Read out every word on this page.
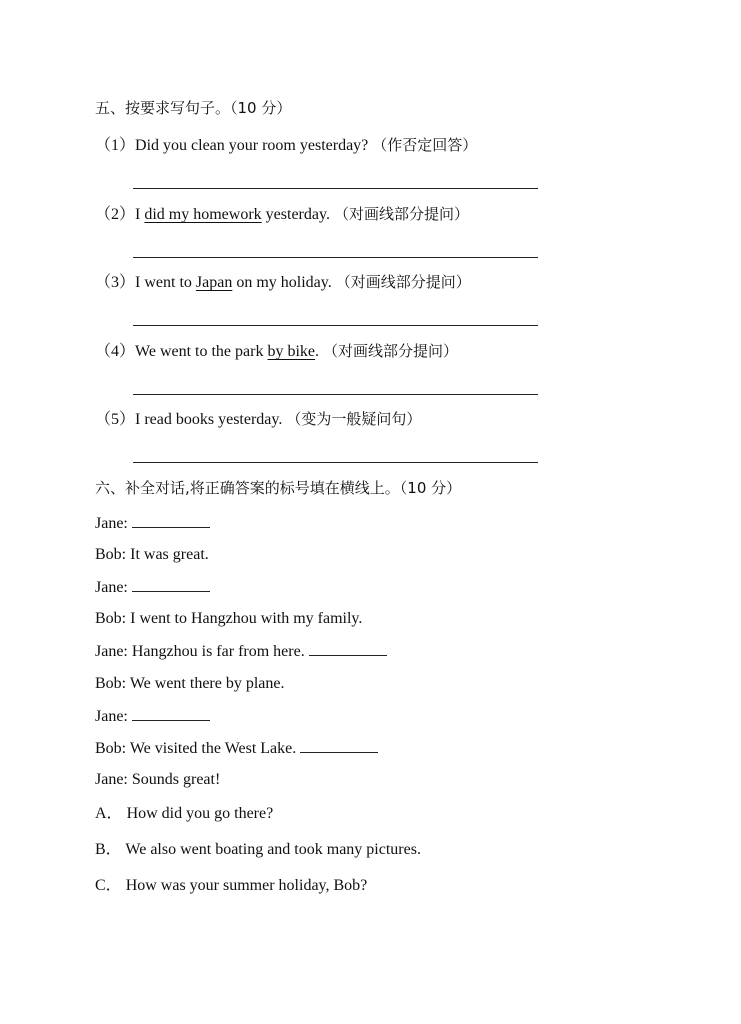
五、按要求写句子。（10 分）
（1）Did you clean your room yesterday? （作否定回答）
（2）I did my homework yesterday. （对画线部分提问）
（3）I went to Japan on my holiday. （对画线部分提问）
（4）We went to the park by bike. （对画线部分提问）
（5）I read books yesterday. （变为一般疑问句）
六、补全对话,将正确答案的标号填在横线上。（10 分）
Jane:
Bob: It was great.
Jane:
Bob: I went to Hangzhou with my family.
Jane: Hangzhou is far from here.
Bob: We went there by plane.
Jane:
Bob: We visited the West Lake.
Jane: Sounds great!
A． How did you go there?
B． We also went boating and took many pictures.
C． How was your summer holiday, Bob?
